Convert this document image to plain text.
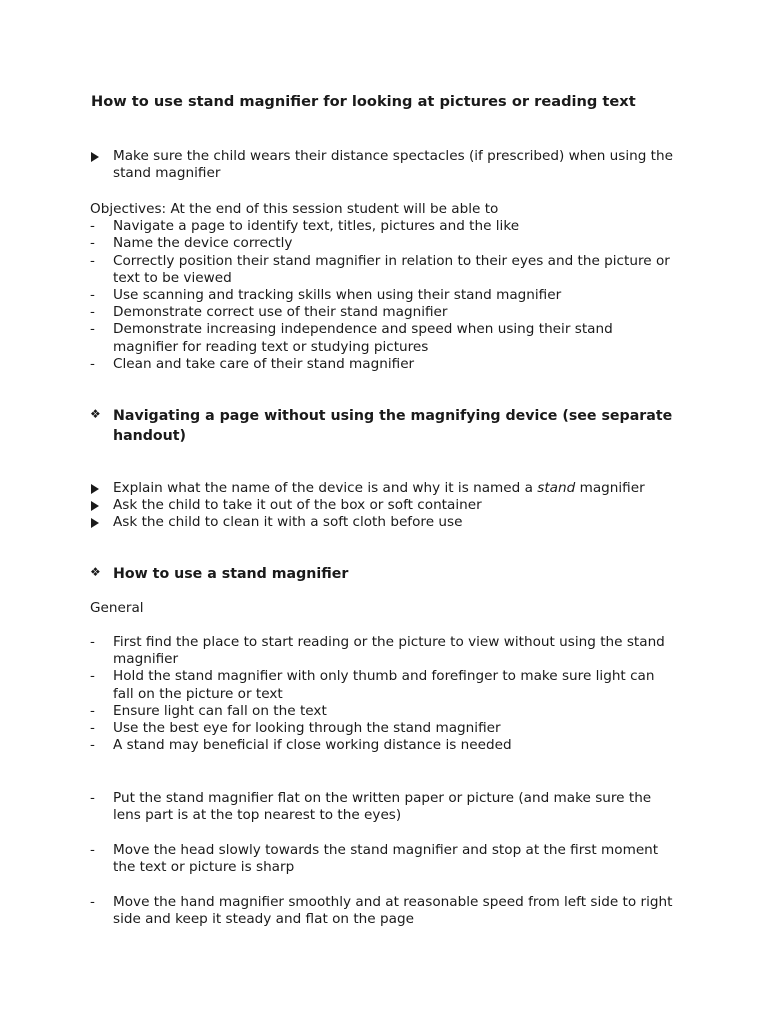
How to use stand magnifier for looking at pictures or reading text
Make sure the child wears their distance spectacles (if prescribed) when using the stand magnifier
Objectives: At the end of this session student will be able to
-	Navigate a page to identify text, titles, pictures and the like
-	Name the device correctly
-	Correctly position their stand magnifier in relation to their eyes and the picture or text to be viewed
-	Use scanning and tracking skills when using their stand magnifier
-	Demonstrate correct use of their stand magnifier
-	Demonstrate increasing independence and speed when using their stand magnifier for reading text or studying pictures
-	Clean and take care of their stand magnifier
❖ Navigating a page without using the magnifying device (see separate handout)
Explain what the name of the device is and why it is named a stand magnifier
Ask the child to take it out of the box or soft container
Ask the child to clean it with a soft cloth before use
❖ How to use a stand magnifier
General
-	First find the place to start reading or the picture to view without using the stand magnifier
-	Hold the stand magnifier with only thumb and forefinger to make sure light can fall on the picture or text
-	Ensure light can fall on the text
-	Use the best eye for looking through the stand magnifier
-	A stand may beneficial if close working distance is needed
-	Put the stand magnifier flat on the written paper or picture (and make sure the lens part is at the top nearest to the eyes)
-	Move the head slowly towards the stand magnifier and stop at the first moment the text or picture is sharp
-	Move the hand magnifier smoothly and at reasonable speed from left side to right side and keep it steady and flat on the page
